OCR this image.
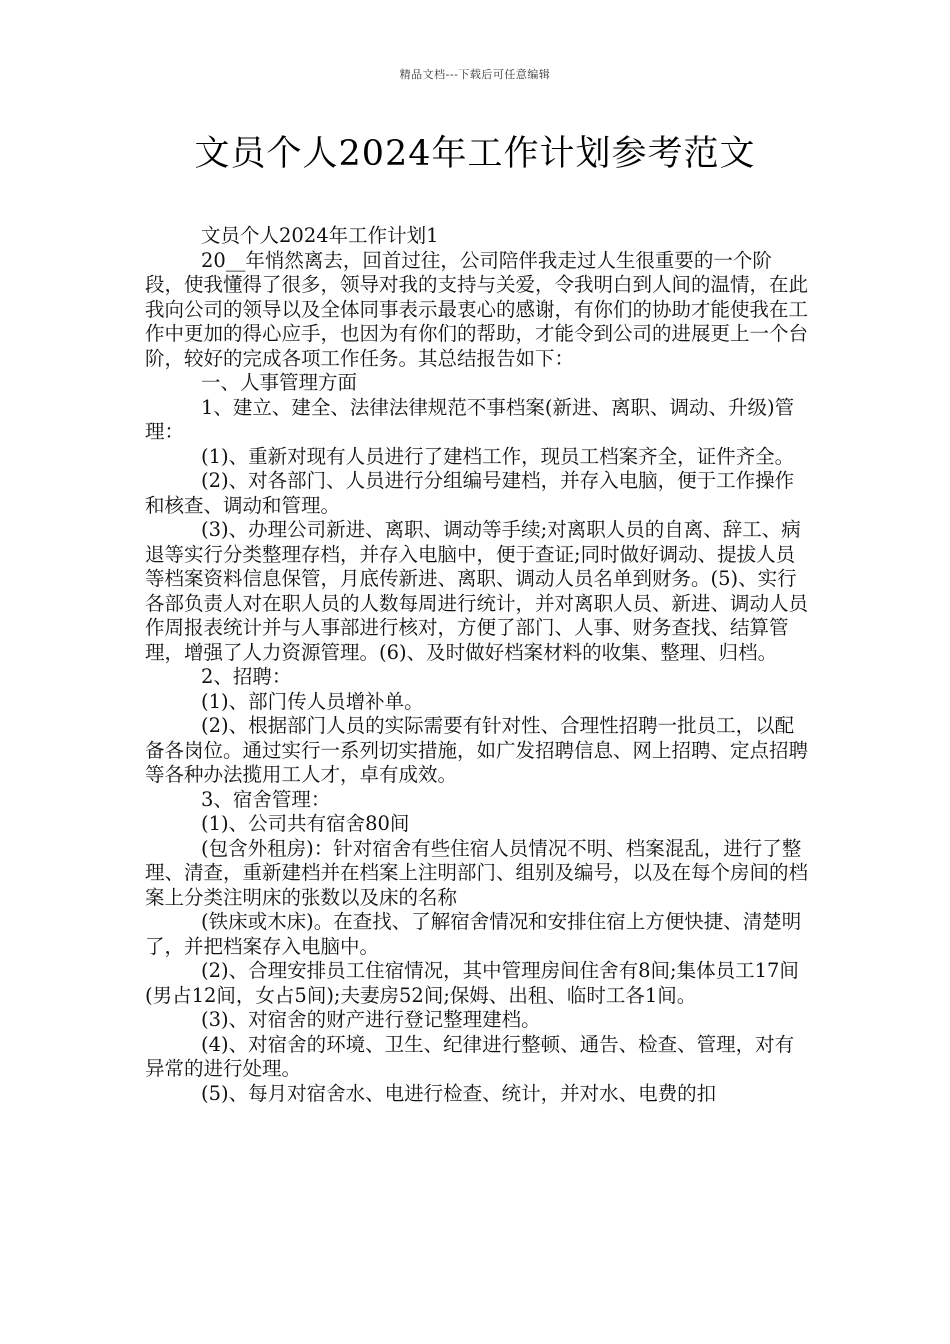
精品文档---下载后可任意编辑
文员个人2024年工作计划参考范文

文员个人2024年工作计划1

20__年悄然离去，回首过往，公司陪伴我走过人生很重要的一个阶段，使我懂得了很多，领导对我的支持与关爱，令我明白到人间的温情，在此我向公司的领导以及全体同事表示最衷心的感谢，有你们的协助才能使我在工作中更加的得心应手，也因为有你们的帮助，才能令到公司的进展更上一个台阶，较好的完成各项工作任务。其总结报告如下：

一、人事管理方面

1、建立、建全、法律法律规范不事档案(新进、离职、调动、升级)管理：

(1)、重新对现有人员进行了建档工作，现员工档案齐全，证件齐全。

(2)、对各部门、人员进行分组编号建档，并存入电脑，便于工作操作和核查、调动和管理。

(3)、办理公司新进、离职、调动等手续;对离职人员的自离、辞工、病退等实行分类整理存档，并存入电脑中，便于查证;同时做好调动、提拔人员等档案资料信息保管，月底传新进、离职、调动人员名单到财务。(5)、实行各部负责人对在职人员的人数每周进行统计，并对离职人员、新进、调动人员作周报表统计并与人事部进行核对，方便了部门、人事、财务查找、结算管理，增强了人力资源管理。(6)、及时做好档案材料的收集、整理、归档。

2、招聘：

(1)、部门传人员增补单。

(2)、根据部门人员的实际需要有针对性、合理性招聘一批员工，以配备各岗位。通过实行一系列切实措施，如广发招聘信息、网上招聘、定点招聘等各种办法揽用工人才，卓有成效。

3、宿舍管理：

(1)、公司共有宿舍80间

(包含外租房)：针对宿舍有些住宿人员情况不明、档案混乱，进行了整理、清查，重新建档并在档案上注明部门、组别及编号，以及在每个房间的档案上分类注明床的张数以及床的名称

(铁床或木床)。在查找、了解宿舍情况和安排住宿上方便快捷、清楚明了，并把档案存入电脑中。

(2)、合理安排员工住宿情况，其中管理房间住舍有8间;集体员工17间(男占12间，女占5间);夫妻房52间;保姆、出租、临时工各1间。

(3)、对宿舍的财产进行登记整理建档。

(4)、对宿舍的环境、卫生、纪律进行整顿、通告、检查、管理，对有异常的进行处理。

(5)、每月对宿舍水、电进行检查、统计，并对水、电费的扣
